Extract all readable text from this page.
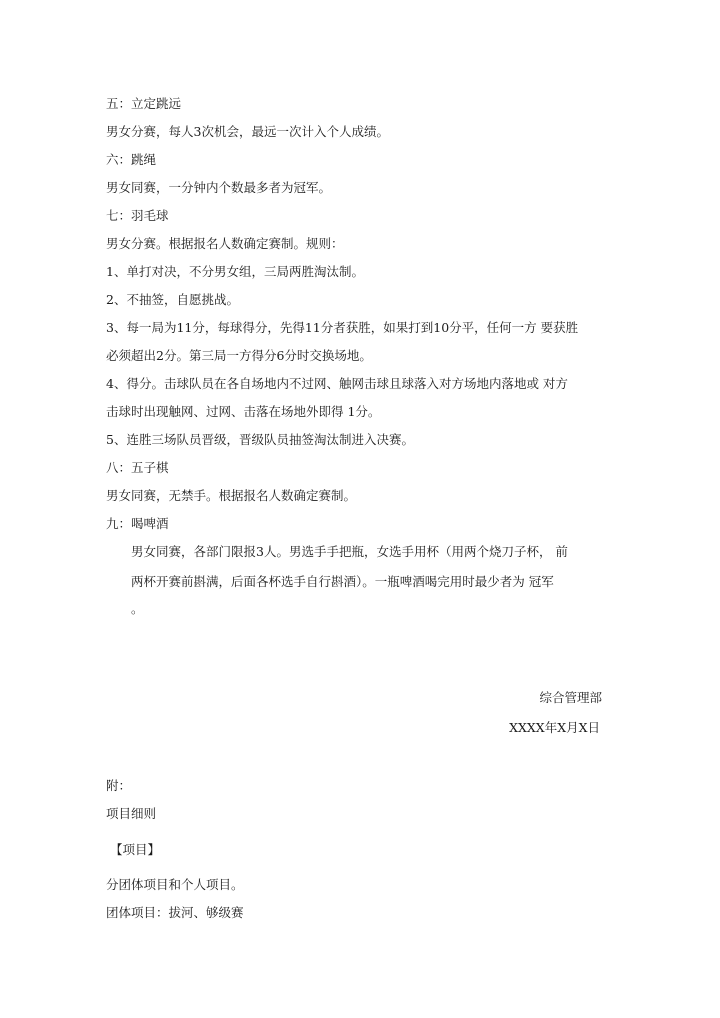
五：立定跳远
男女分赛，每人3次机会，最远一次计入个人成绩。
六：跳绳
男女同赛，一分钟内个数最多者为冠军。
七：羽毛球
男女分赛。根据报名人数确定赛制。规则：
1、单打对决，不分男女组，三局两胜淘汰制。
2、不抽签，自愿挑战。
3、每一局为11分，每球得分，先得11分者获胜，如果打到10分平，任何一方 要获胜
必须超出2分。第三局一方得分6分时交换场地。
4、得分。击球队员在各自场地内不过网、触网击球且球落入对方场地内落地或 对方
击球时出现触网、过网、击落在场地外即得 1分。
5、连胜三场队员晋级，晋级队员抽签淘汰制进入决赛。
八：五子棋
男女同赛，无禁手。根据报名人数确定赛制。
九：喝啤酒
男女同赛，各部门限报3人。男选手手把瓶，女选手用杯（用两个烧刀子杯， 前
两杯开赛前斟满，后面各杯选手自行斟酒）。一瓶啤酒喝完用时最少者为 冠军
。
综合管理部
XXXX年X月X日
附：
项目细则
【项目】
分团体项目和个人项目。
团体项目：拔河、够级赛
